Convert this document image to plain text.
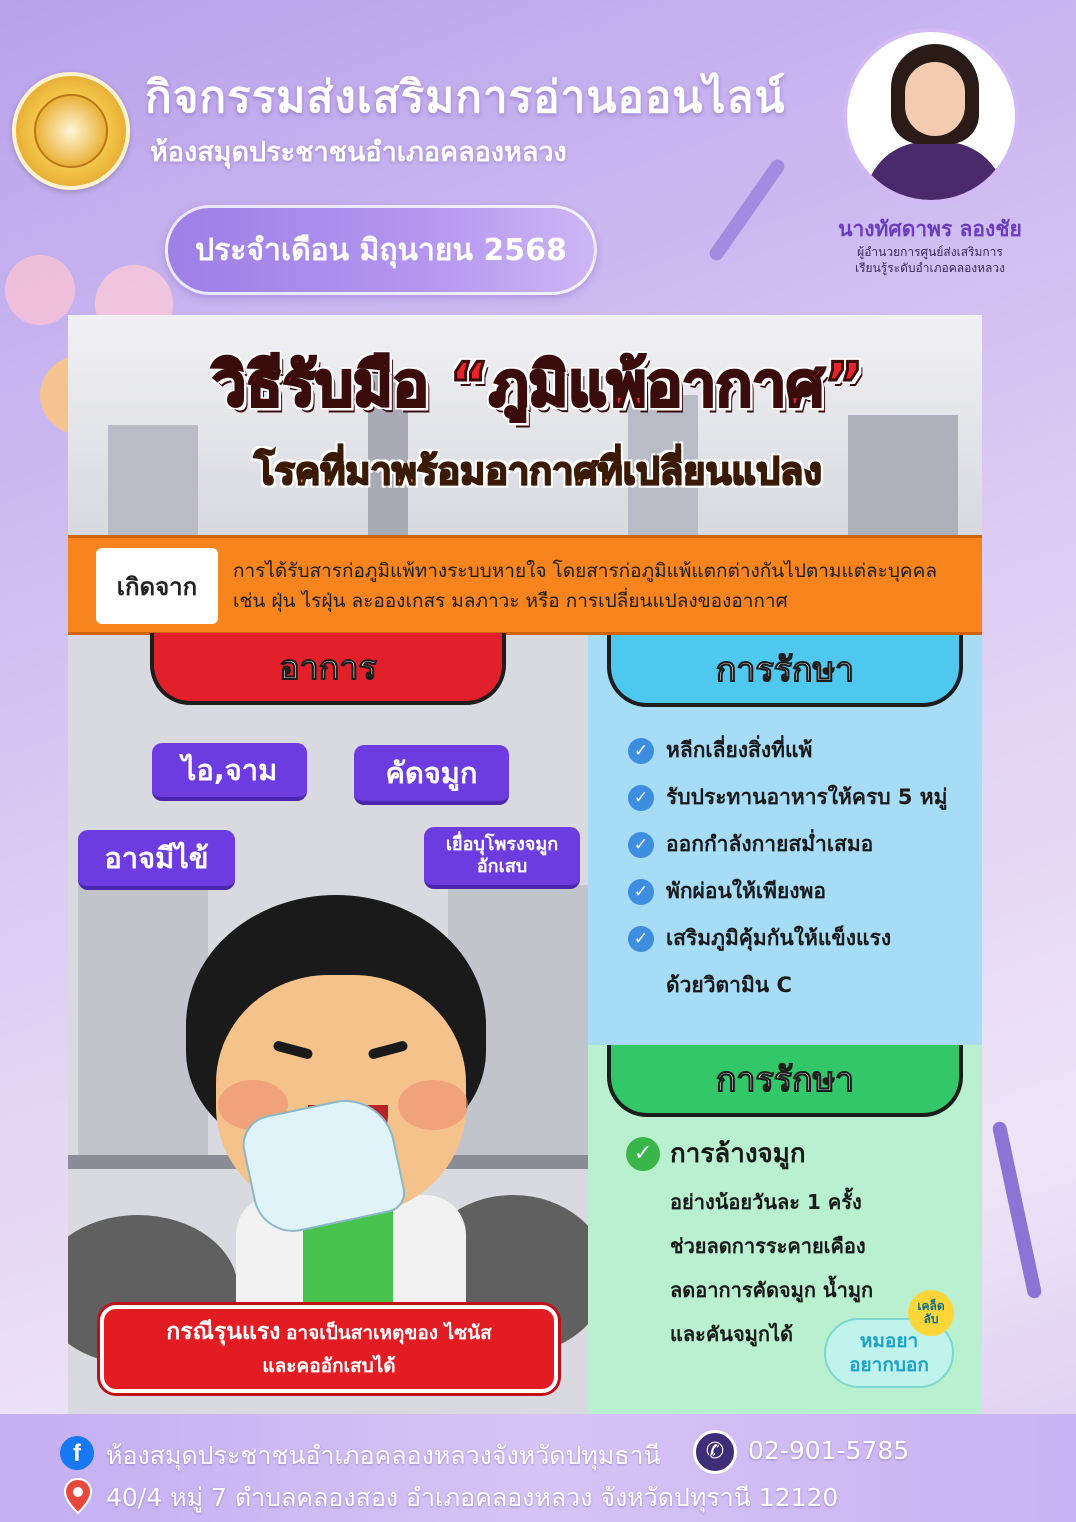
กิจกรรมส่งเสริมการอ่านออนไลน์
ห้องสมุดประชาชนอำเภอคลองหลวง
ประจำเดือน มิถุนายน 2568
นางทัศดาพร ลองชัย
ผู้อำนวยการศูนย์ส่งเสริมการ
เรียนรู้ระดับอำเภอคลองหลวง
วิธีรับมือ “ภูมิแพ้อากาศ”
โรคที่มาพร้อมอากาศที่เปลี่ยนแปลง
เกิดจาก
การได้รับสารก่อภูมิแพ้ทางระบบหายใจ โดยสารก่อภูมิแพ้แตกต่างกันไปตามแต่ละบุคคล
เช่น ฝุ่น ไรฝุ่น ละอองเกสร มลภาวะ หรือ การเปลี่ยนแปลงของอากาศ
อาการ
ไอ,จาม	คัดจมูก
อาจมีไข้	เยื่อบุโพรงจมูก
อักเสบ
กรณีรุนแรง อาจเป็นสาเหตุของ ไซนัส
และคออักเสบได้
การรักษา
✓ หลีกเลี่ยงสิ่งที่แพ้
✓ รับประทานอาหารให้ครบ 5 หมู่
✓ ออกกำลังกายสม่ำเสมอ
✓ พักผ่อนให้เพียงพอ
✓ เสริมภูมิคุ้มกันให้แข็งแรง
ด้วยวิตามิน C
การรักษา
✓ การล้างจมูก
อย่างน้อยวันละ 1 ครั้ง
ช่วยลดการระคายเคือง
ลดอาการคัดจมูก น้ำมูก
และคันจมูกได้	หมอยา
อยากบอก
เคล็ด
ลับ
f	ห้องสมุดประชาชนอำเภอคลองหลวงจังหวัดปทุมธานี	✆ 02-901-5785
40/4 หมู่ 7 ตำบลคลองสอง อำเภอคลองหลวง จังหวัดปทุรานี 12120
